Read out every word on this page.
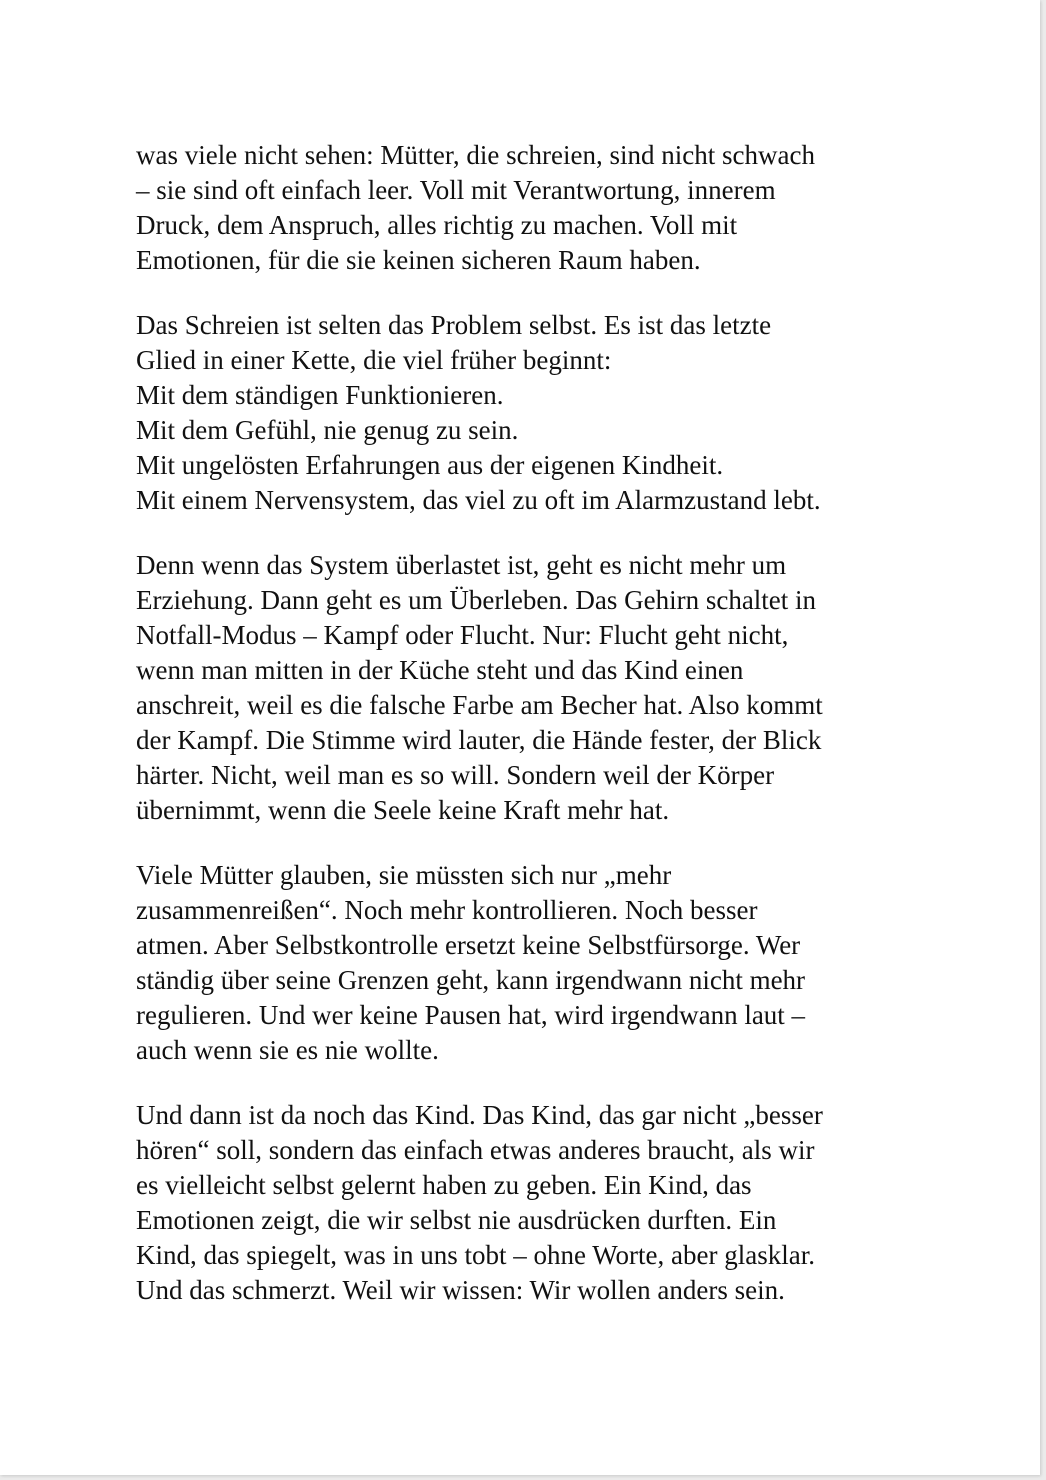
was viele nicht sehen: Mütter, die schreien, sind nicht schwach
– sie sind oft einfach leer. Voll mit Verantwortung, innerem
Druck, dem Anspruch, alles richtig zu machen. Voll mit
Emotionen, für die sie keinen sicheren Raum haben.

Das Schreien ist selten das Problem selbst. Es ist das letzte
Glied in einer Kette, die viel früher beginnt:
Mit dem ständigen Funktionieren.
Mit dem Gefühl, nie genug zu sein.
Mit ungelösten Erfahrungen aus der eigenen Kindheit.
Mit einem Nervensystem, das viel zu oft im Alarmzustand lebt.

Denn wenn das System überlastet ist, geht es nicht mehr um
Erziehung. Dann geht es um Überleben. Das Gehirn schaltet in
Notfall-Modus – Kampf oder Flucht. Nur: Flucht geht nicht,
wenn man mitten in der Küche steht und das Kind einen
anschreit, weil es die falsche Farbe am Becher hat. Also kommt
der Kampf. Die Stimme wird lauter, die Hände fester, der Blick
härter. Nicht, weil man es so will. Sondern weil der Körper
übernimmt, wenn die Seele keine Kraft mehr hat.

Viele Mütter glauben, sie müssten sich nur „mehr
zusammenreißen“. Noch mehr kontrollieren. Noch besser
atmen. Aber Selbstkontrolle ersetzt keine Selbstfürsorge. Wer
ständig über seine Grenzen geht, kann irgendwann nicht mehr
regulieren. Und wer keine Pausen hat, wird irgendwann laut –
auch wenn sie es nie wollte.

Und dann ist da noch das Kind. Das Kind, das gar nicht „besser
hören“ soll, sondern das einfach etwas anderes braucht, als wir
es vielleicht selbst gelernt haben zu geben. Ein Kind, das
Emotionen zeigt, die wir selbst nie ausdrücken durften. Ein
Kind, das spiegelt, was in uns tobt – ohne Worte, aber glasklar.
Und das schmerzt. Weil wir wissen: Wir wollen anders sein.
